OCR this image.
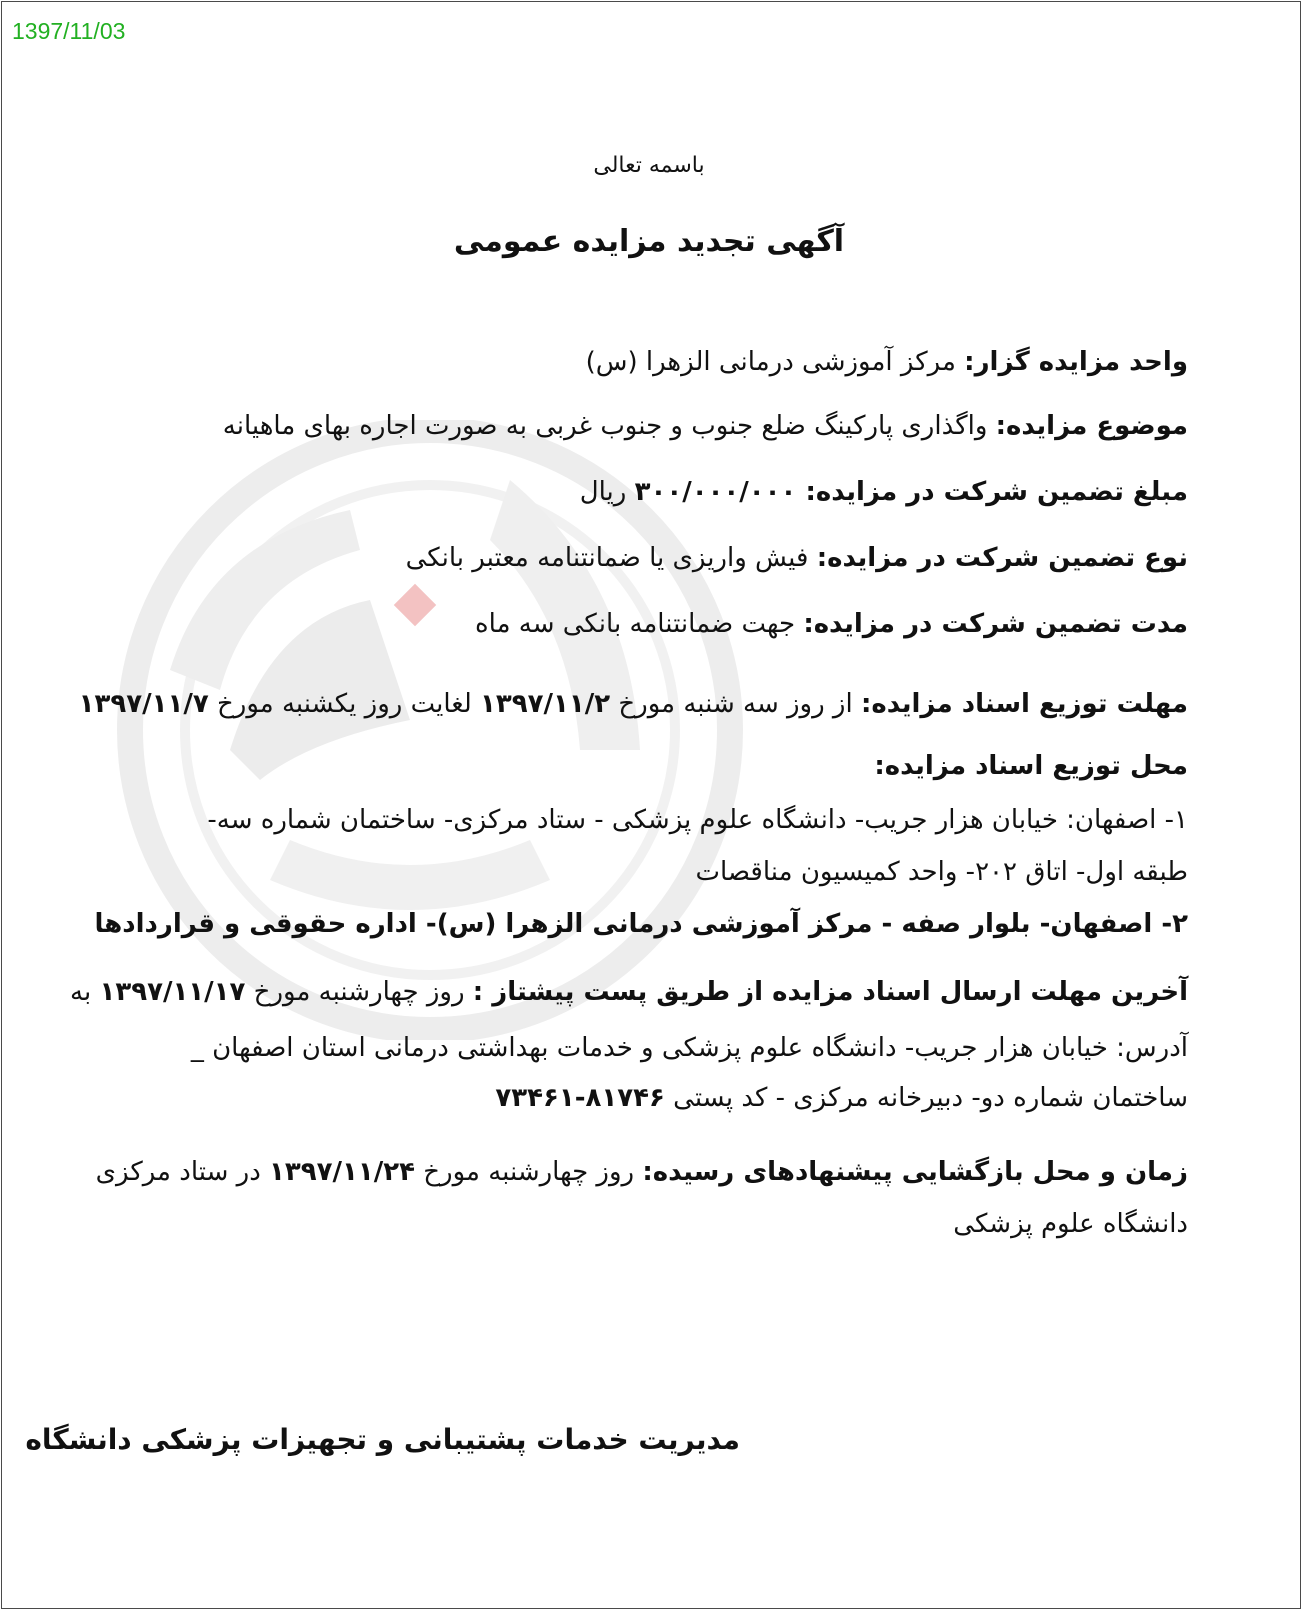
1397/11/03
باسمه تعالی
آگهی تجدید مزایده عمومی
واحد مزایده گزار: مرکز آموزشی درمانی الزهرا (س)
موضوع مزایده: واگذاری پارکینگ ضلع جنوب و جنوب غربی به صورت اجاره بهای ماهیانه
مبلغ تضمین شرکت در مزایده: ۳۰۰/۰۰۰/۰۰۰ ریال
نوع تضمین شرکت در مزایده: فیش واریزی یا ضمانتنامه معتبر بانکی
مدت تضمین شرکت در مزایده: جهت ضمانتنامه بانکی سه ماه
مهلت توزیع اسناد مزایده: از روز سه شنبه مورخ ۱۳۹۷/۱۱/۲ لغایت روز یکشنبه مورخ ۱۳۹۷/۱۱/۷
محل توزیع اسناد مزایده:
۱- اصفهان: خیابان هزار جریب- دانشگاه علوم پزشکی - ستاد مرکزی- ساختمان شماره سه-
طبقه اول- اتاق ۲۰۲- واحد کمیسیون مناقصات
۲- اصفهان- بلوار صفه - مرکز آموزشی درمانی الزهرا (س)- اداره حقوقی و قراردادها
آخرین مهلت ارسال اسناد مزایده از طریق پست پیشتاز : روز چهارشنبه مورخ ۱۳۹۷/۱۱/۱۷ به
آدرس: خیابان هزار جریب- دانشگاه علوم پزشکی و خدمات بهداشتی درمانی استان اصفهان _
ساختمان شماره دو- دبیرخانه مرکزی - کد پستی ۸۱۷۴۶-۷۳۴۶۱
زمان و محل بازگشایی پیشنهادهای رسیده: روز چهارشنبه مورخ ۱۳۹۷/۱۱/۲۴ در ستاد مرکزی
دانشگاه علوم پزشکی
مدیریت خدمات پشتیبانی و تجهیزات پزشکی دانشگاه
